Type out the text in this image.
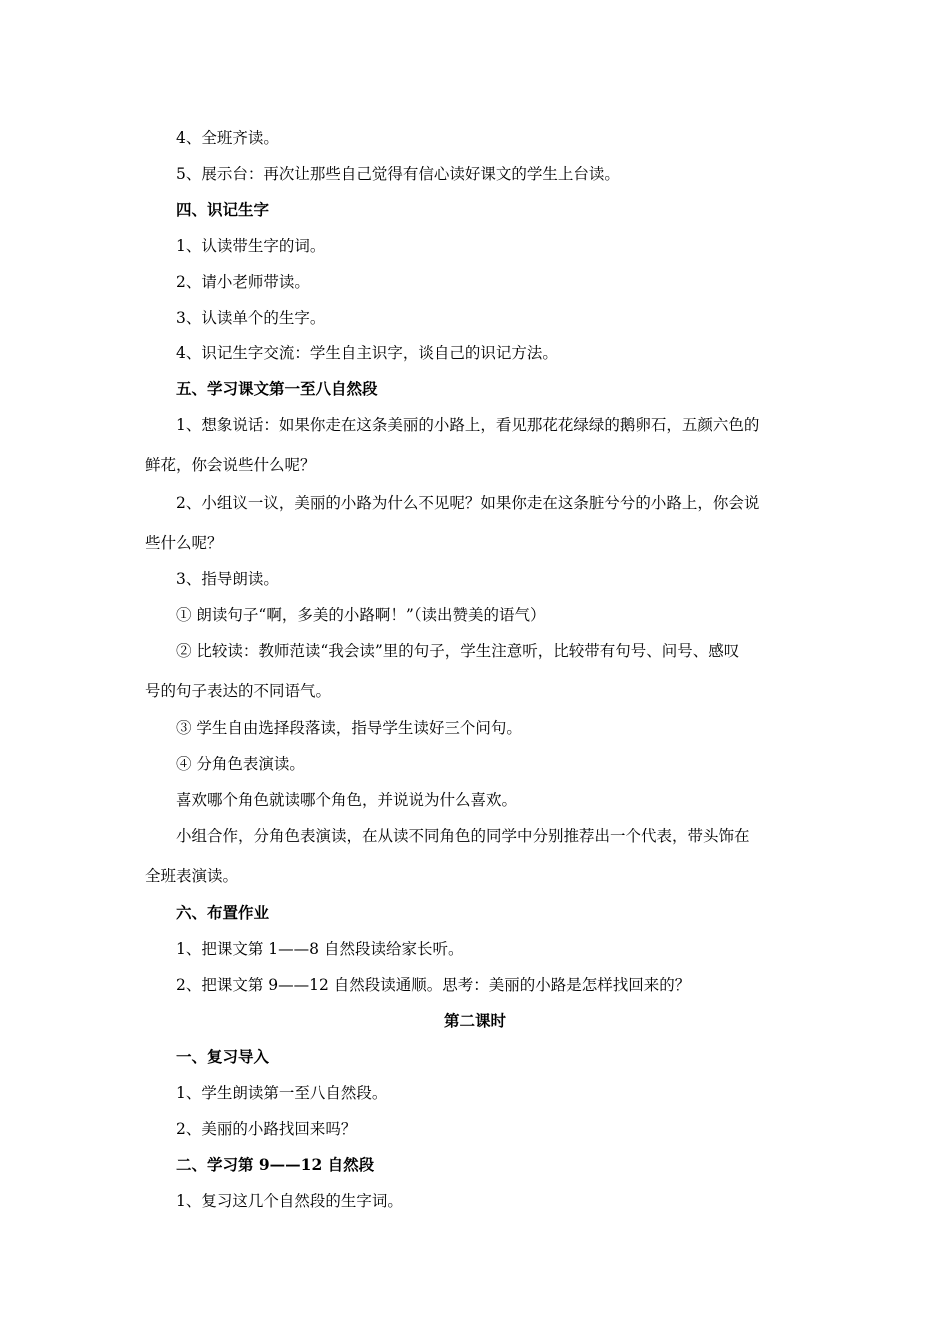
4、全班齐读。
5、展示台：再次让那些自己觉得有信心读好课文的学生上台读。
四、识记生字
1、认读带生字的词。
2、请小老师带读。
3、认读单个的生字。
4、识记生字交流：学生自主识字，谈自己的识记方法。
五、学习课文第一至八自然段
1、想象说话：如果你走在这条美丽的小路上，看见那花花绿绿的鹅卵石，五颜六色的
鲜花，你会说些什么呢？
2、小组议一议，美丽的小路为什么不见呢？如果你走在这条脏兮兮的小路上，你会说
些什么呢？
3、指导朗读。
① 朗读句子“啊，多美的小路啊！”（读出赞美的语气）
② 比较读：教师范读“我会读”里的句子，学生注意听，比较带有句号、问号、感叹
号的句子表达的不同语气。
③ 学生自由选择段落读，指导学生读好三个问句。
④ 分角色表演读。
喜欢哪个角色就读哪个角色，并说说为什么喜欢。
小组合作，分角色表演读，在从读不同角色的同学中分别推荐出一个代表，带头饰在
全班表演读。
六、布置作业
1、把课文第 1——8 自然段读给家长听。
2、把课文第 9——12 自然段读通顺。思考：美丽的小路是怎样找回来的？
第二课时
一、复习导入
1、学生朗读第一至八自然段。
2、美丽的小路找回来吗？
二、学习第 9——12 自然段
1、复习这几个自然段的生字词。
